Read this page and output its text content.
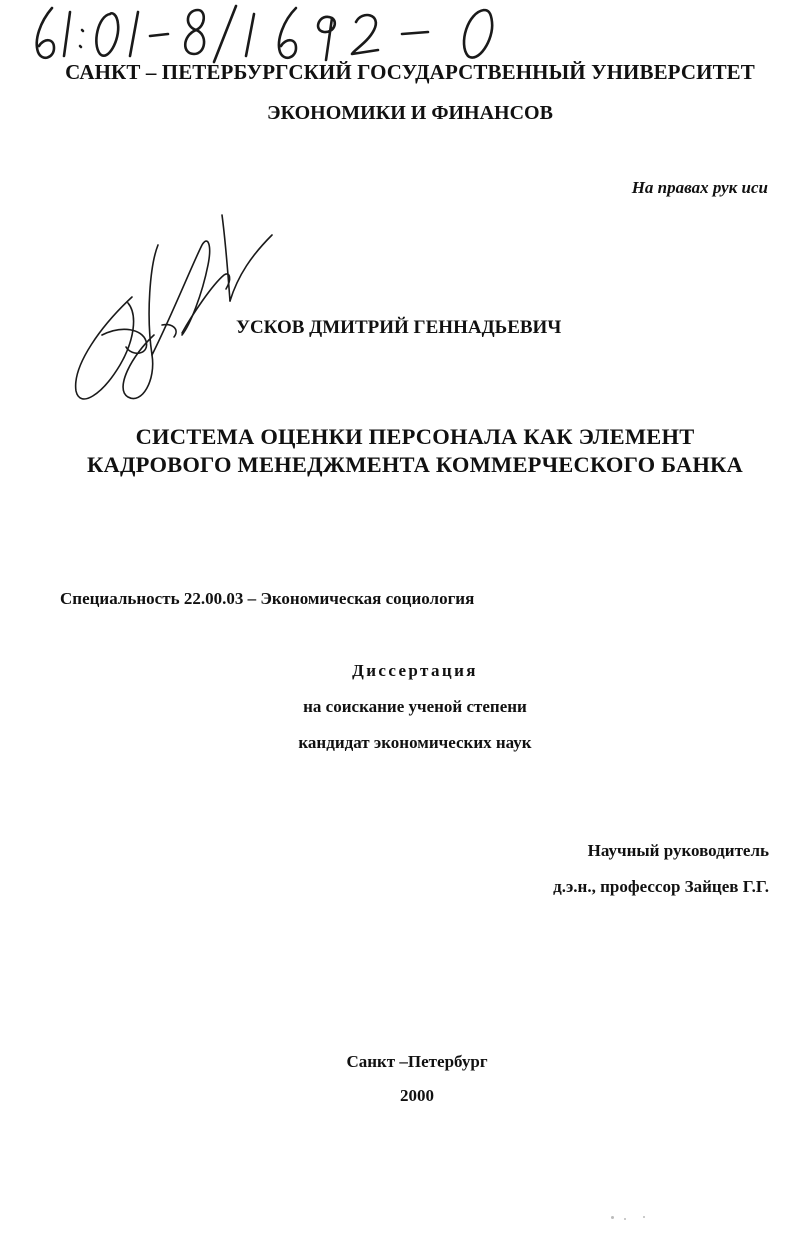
САНКТ – ПЕТЕРБУРГСКИЙ ГОСУДАРСТВЕННЫЙ УНИВЕРСИТЕТ
ЭКОНОМИКИ И ФИНАНСОВ
На правах рук иси
УСКОВ ДМИТРИЙ ГЕННАДЬЕВИЧ
СИСТЕМА ОЦЕНКИ ПЕРСОНАЛА КАК ЭЛЕМЕНТ
КАДРОВОГО МЕНЕДЖМЕНТА КОММЕРЧЕСКОГО БАНКА
Специальность 22.00.03 – Экономическая социология
Диссертация
на соискание ученой степени
кандидат экономических наук
Научный руководитель
д.э.н., профессор Зайцев Г.Г.
Санкт –Петербург
2000
